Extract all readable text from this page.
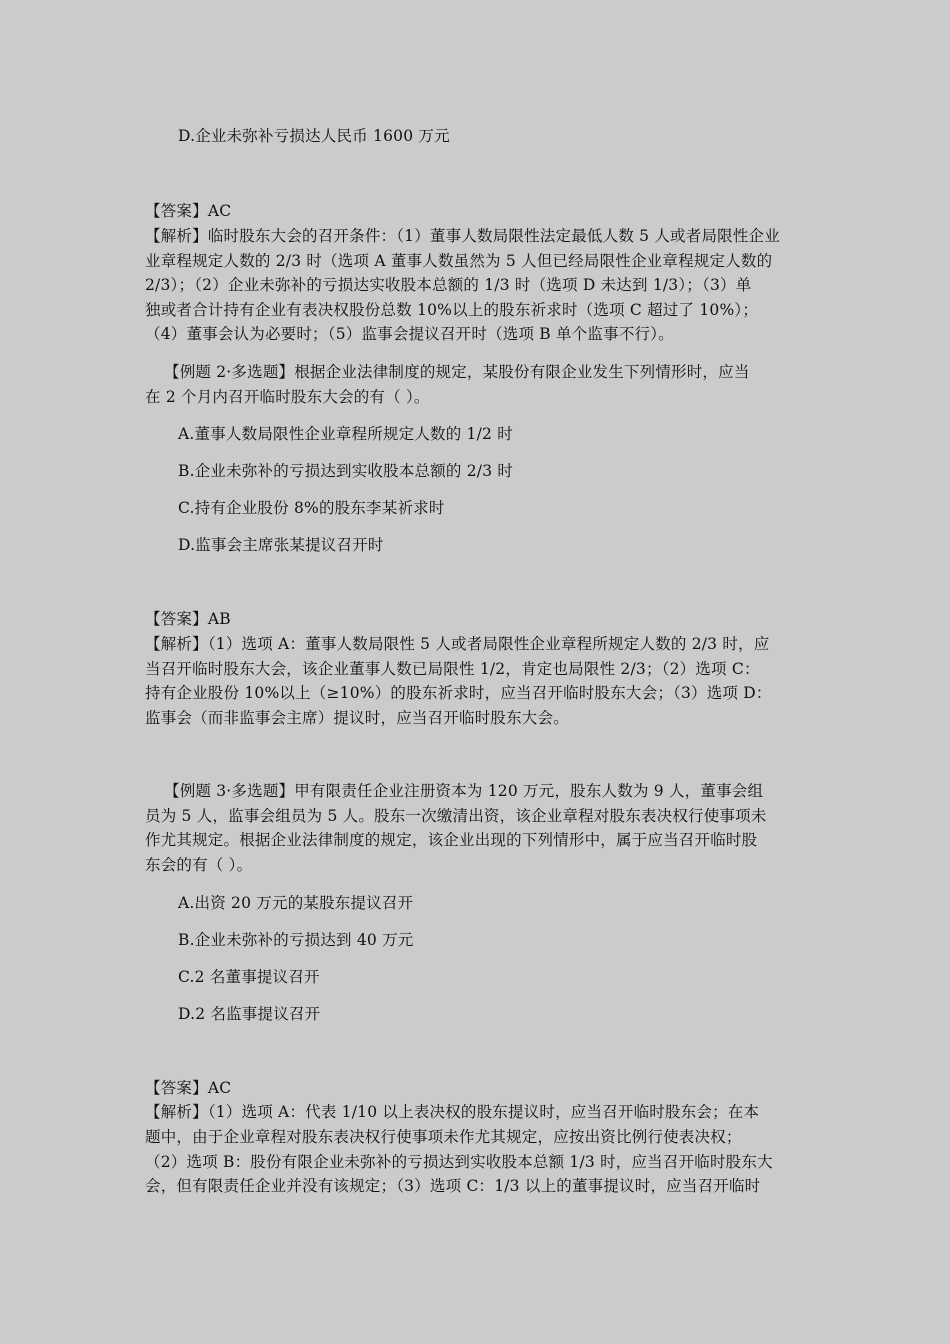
D.企业未弥补亏损达人民币 1600 万元
【答案】AC
【解析】临时股东大会的召开条件：（1）董事人数局限性法定最低人数 5 人或者局限性企业
业章程规定人数的 2/3 时（选项 A 董事人数虽然为 5 人但已经局限性企业章程规定人数的
2/3）；（2）企业未弥补的亏损达实收股本总额的 1/3 时（选项 D 未达到 1/3）；（3）单
独或者合计持有企业有表决权股份总数 10%以上的股东祈求时（选项 C 超过了 10%）；
（4）董事会认为必要时；（5）监事会提议召开时（选项 B 单个监事不行）。
【例题 2·多选题】根据企业法律制度的规定，某股份有限企业发生下列情形时，应当
在 2 个月内召开临时股东大会的有（ ）。
A.董事人数局限性企业章程所规定人数的 1/2 时
B.企业未弥补的亏损达到实收股本总额的 2/3 时
C.持有企业股份 8%的股东李某祈求时
D.监事会主席张某提议召开时
【答案】AB
【解析】（1）选项 A：董事人数局限性 5 人或者局限性企业章程所规定人数的 2/3 时，应
当召开临时股东大会，该企业董事人数已局限性 1/2，肯定也局限性 2/3；（2）选项 C：
持有企业股份 10%以上（≥10%）的股东祈求时，应当召开临时股东大会；（3）选项 D：
监事会（而非监事会主席）提议时，应当召开临时股东大会。
【例题 3·多选题】甲有限责任企业注册资本为 120 万元，股东人数为 9 人，董事会组
员为 5 人，监事会组员为 5 人。股东一次缴清出资，该企业章程对股东表决权行使事项未
作尤其规定。根据企业法律制度的规定，该企业出现的下列情形中，属于应当召开临时股
东会的有（ ）。
A.出资 20 万元的某股东提议召开
B.企业未弥补的亏损达到 40 万元
C.2 名董事提议召开
D.2 名监事提议召开
【答案】AC
【解析】（1）选项 A：代表 1/10 以上表决权的股东提议时，应当召开临时股东会；在本
题中，由于企业章程对股东表决权行使事项未作尤其规定，应按出资比例行使表决权；
（2）选项 B：股份有限企业未弥补的亏损达到实收股本总额 1/3 时，应当召开临时股东大
会，但有限责任企业并没有该规定；（3）选项 C：1/3 以上的董事提议时，应当召开临时
